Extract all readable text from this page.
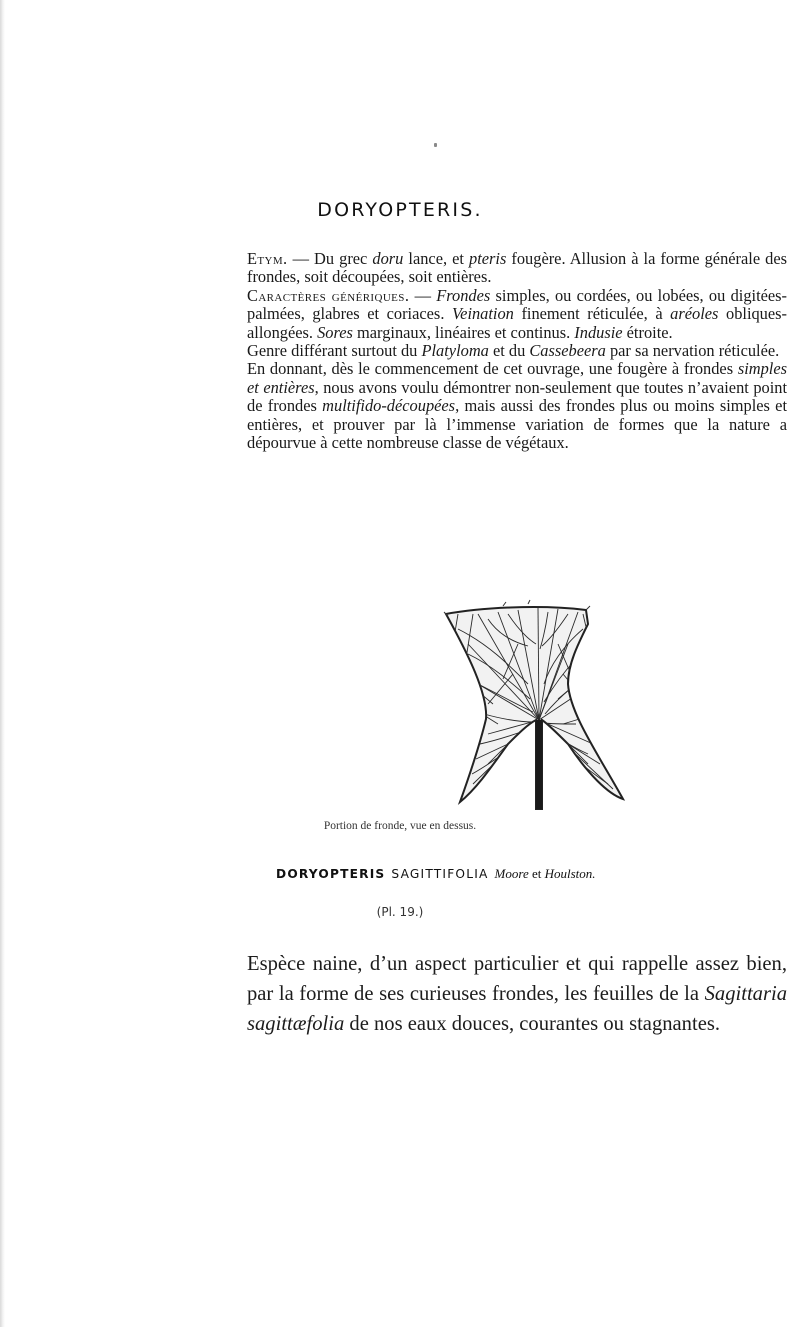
DORYOPTERIS.

Etym. — Du grec doru lance, et pteris fougère. Allusion à la forme générale des frondes, soit découpées, soit entières.

Caractères génériques. — Frondes simples, ou cordées, ou lobées, ou digitées-palmées, glabres et coriaces. Veination finement réticulée, à aréoles obliques-allongées. Sores marginaux, linéaires et continus. Indusie étroite.

Genre différant surtout du Platyloma et du Cassebeera par sa nervation réticulée.

En donnant, dès le commencement de cet ouvrage, une fougère à frondes simples et entières, nous avons voulu démontrer non-seulement que toutes n’avaient point de frondes multifido-découpées, mais aussi des frondes plus ou moins simples et entières, et prouver par là l’immense variation de formes que la nature a dépourvue à cette nombreuse classe de végétaux.

Portion de fronde, vue en dessus.
DORYOPTERIS SAGITTIFOLIA Moore et Houlston.
(Pl. 19.)

Espèce naine, d’un aspect particulier et qui rappelle assez bien, par la forme de ses curieuses frondes, les feuilles de la Sagittaria sagittæfolia de nos eaux douces, courantes ou stagnantes.
